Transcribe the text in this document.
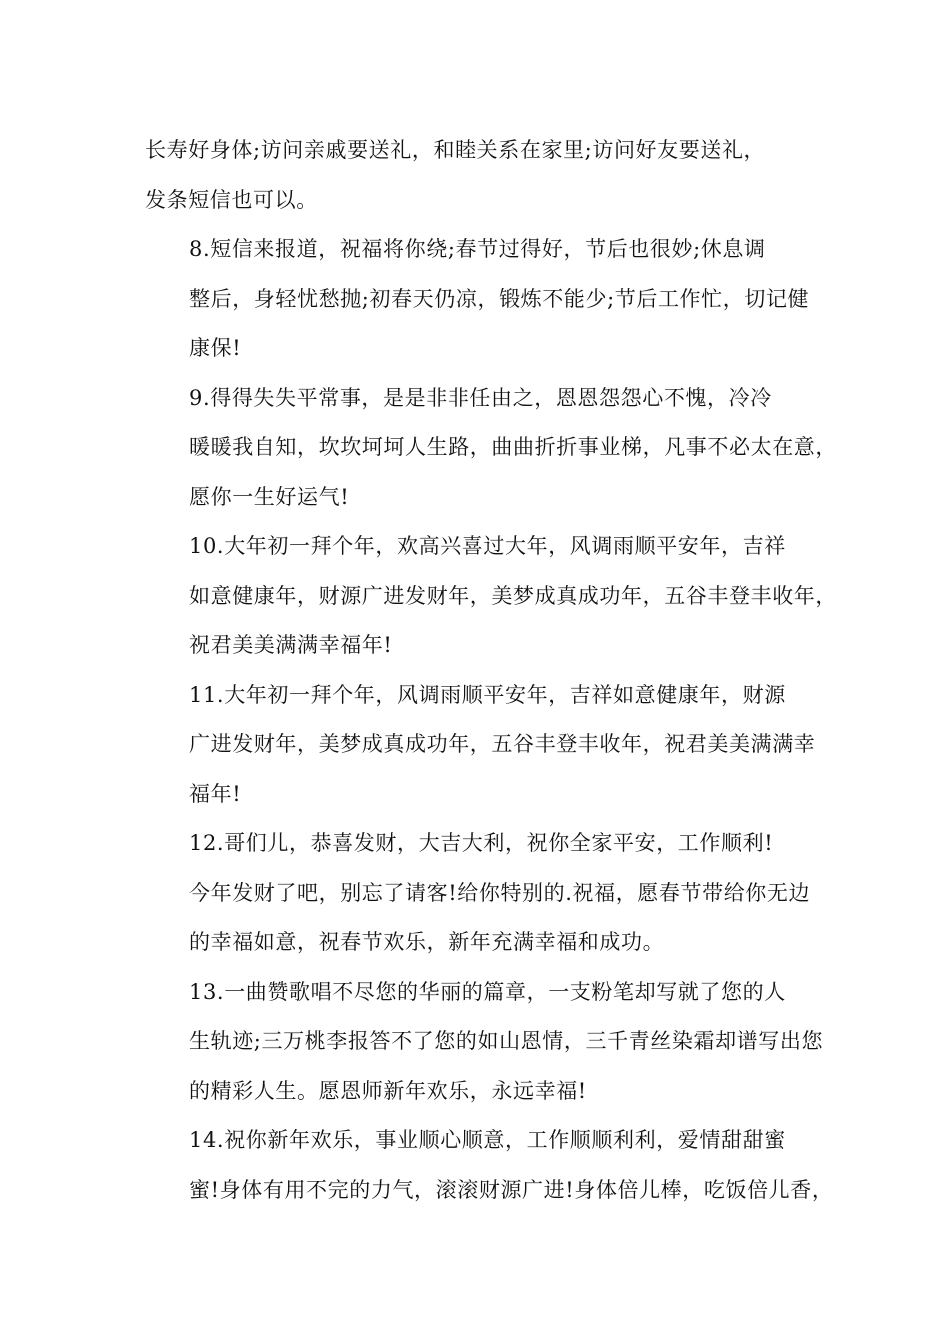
长寿好身体;访问亲戚要送礼，和睦关系在家里;访问好友要送礼，
发条短信也可以。

8.短信来报道，祝福将你绕;春节过得好，节后也很妙;休息调
整后，身轻忧愁抛;初春天仍凉，锻炼不能少;节后工作忙，切记健
康保!

9.得得失失平常事，是是非非任由之，恩恩怨怨心不愧，冷冷
暖暖我自知，坎坎坷坷人生路，曲曲折折事业梯，凡事不必太在意，
愿你一生好运气!

10.大年初一拜个年，欢高兴喜过大年，风调雨顺平安年，吉祥
如意健康年，财源广进发财年，美梦成真成功年，五谷丰登丰收年，
祝君美美满满幸福年!

11.大年初一拜个年，风调雨顺平安年，吉祥如意健康年，财源
广进发财年，美梦成真成功年，五谷丰登丰收年，祝君美美满满幸
福年!

12.哥们儿，恭喜发财，大吉大利，祝你全家平安，工作顺利!
今年发财了吧，别忘了请客!给你特别的.祝福，愿春节带给你无边
的幸福如意，祝春节欢乐，新年充满幸福和成功。

13.一曲赞歌唱不尽您的华丽的篇章，一支粉笔却写就了您的人
生轨迹;三万桃李报答不了您的如山恩情，三千青丝染霜却谱写出您
的精彩人生。愿恩师新年欢乐，永远幸福!

14.祝你新年欢乐，事业顺心顺意，工作顺顺利利，爱情甜甜蜜
蜜!身体有用不完的力气，滚滚财源广进!身体倍儿棒，吃饭倍儿香，
